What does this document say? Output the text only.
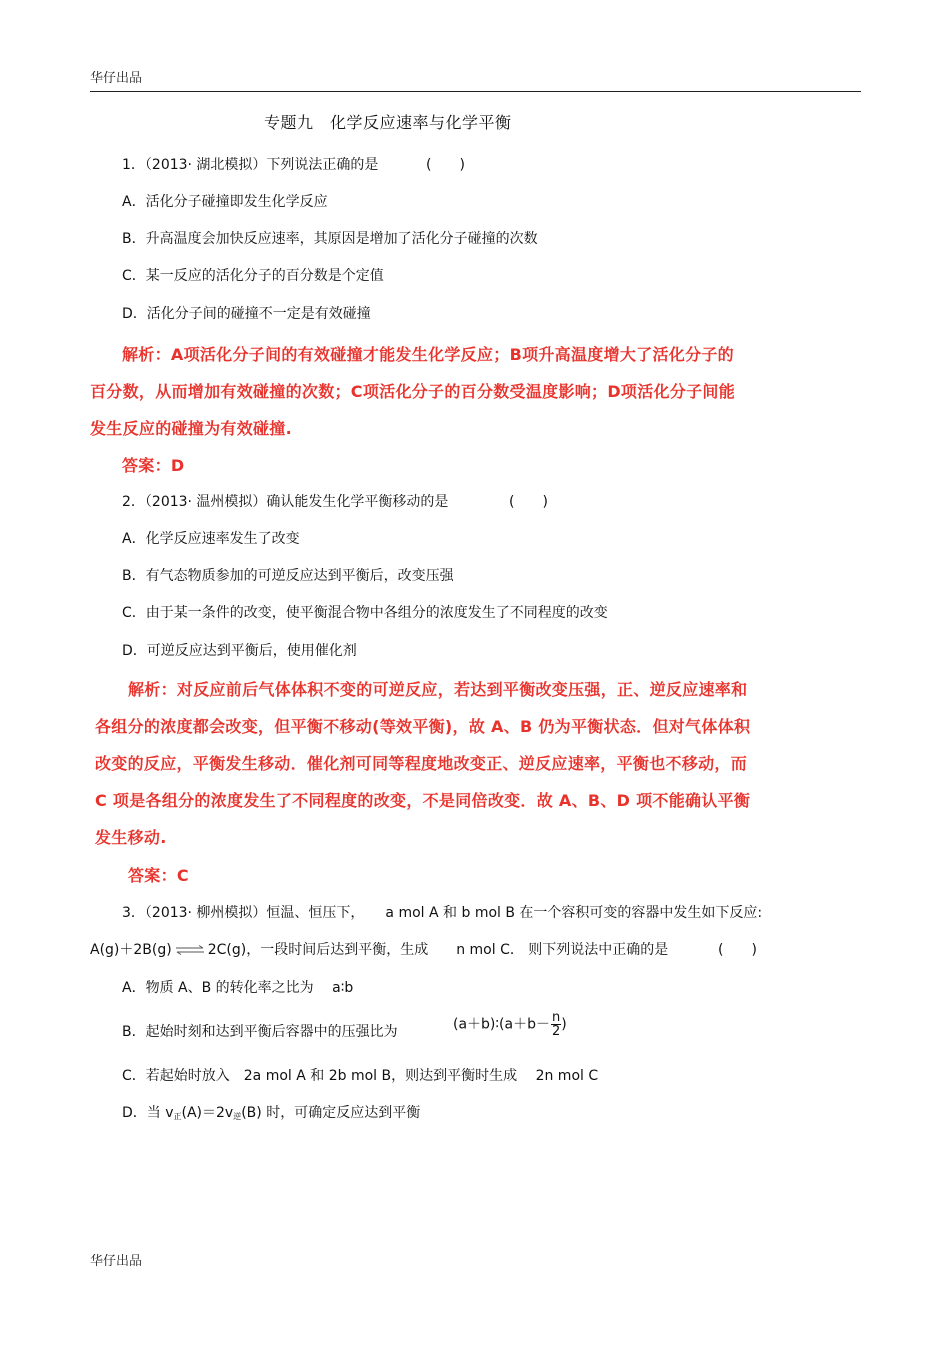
华仔出品
专题九　化学反应速率与化学平衡
1．（2013· 湖北模拟）下列说法正确的是	(　　)
A．活化分子碰撞即发生化学反应
B．升高温度会加快反应速率，其原因是增加了活化分子碰撞的次数
C．某一反应的活化分子的百分数是个定值
D．活化分子间的碰撞不一定是有效碰撞
解析：A项活化分子间的有效碰撞才能发生化学反应；B项升高温度增大了活化分子的
百分数，从而增加有效碰撞的次数；C项活化分子的百分数受温度影响；D项活化分子间能
发生反应的碰撞为有效碰撞.
答案：D
2．（2013· 温州模拟）确认能发生化学平衡移动的是	(　　)
A．化学反应速率发生了改变
B．有气态物质参加的可逆反应达到平衡后，改变压强
C．由于某一条件的改变，使平衡混合物中各组分的浓度发生了不同程度的改变
D．可逆反应达到平衡后，使用催化剂
解析：对反应前后气体体积不变的可逆反应，若达到平衡改变压强，正、逆反应速率和
各组分的浓度都会改变，但平衡不移动(等效平衡)，故 A、B 仍为平衡状态．但对气体体积
改变的反应，平衡发生移动．催化剂可同等程度地改变正、逆反应速率，平衡也不移动，而
C 项是各组分的浓度发生了不同程度的改变，不是同倍改变．故 A、B、D 项不能确认平衡
发生移动.
答案：C
3．（2013· 柳州模拟）恒温、恒压下，　　a mol A 和 b mol B 在一个容积可变的容器中发生如下反应:
A(g)＋2B(g) ⇌ 2C(g)，一段时间后达到平衡，生成　　n mol C． 则下列说法中正确的是	(　　)
A．物质 A、B 的转化率之比为　 a∶b
B．起始时刻和达到平衡后容器中的压强比为	(a＋b)∶(a＋b－ $\frac{n}{2}$ )
C．若起始时放入　2a mol A 和 2b mol B，则达到平衡时生成　 2n mol C
D．当 $v_正(A)=2v_逆(B)$ 时，可确定反应达到平衡
华仔出品
